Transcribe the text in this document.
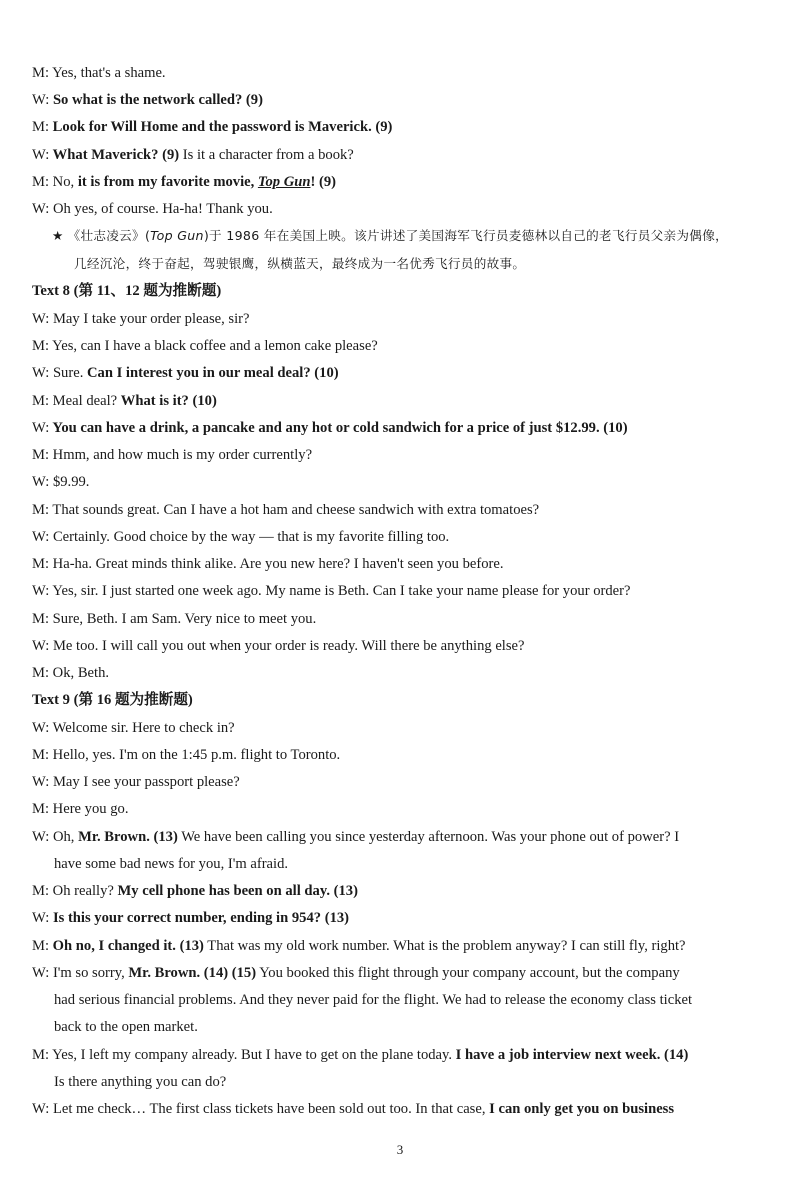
M: Yes, that's a shame.
W: So what is the network called? (9)
M: Look for Will Home and the password is Maverick. (9)
W: What Maverick? (9) Is it a character from a book?
M: No, it is from my favorite movie, Top Gun! (9)
W: Oh yes, of course. Ha-ha! Thank you.
★ 《壮志凌云》(Top Gun)于 1986 年在美国上映。该片讲述了美国海军飞行员麦德林以自己的老飞行员父亲为偶像，
几经沉沦，终于奋起，驾驶银鹰，纵横蓝天，最终成为一名优秀飞行员的故事。
Text 8 (第 11、12 题为推断题)
W: May I take your order please, sir?
M: Yes, can I have a black coffee and a lemon cake please?
W: Sure. Can I interest you in our meal deal? (10)
M: Meal deal? What is it? (10)
W: You can have a drink, a pancake and any hot or cold sandwich for a price of just $12.99. (10)
M: Hmm, and how much is my order currently?
W: $9.99.
M: That sounds great. Can I have a hot ham and cheese sandwich with extra tomatoes?
W: Certainly. Good choice by the way — that is my favorite filling too.
M: Ha-ha. Great minds think alike. Are you new here? I haven't seen you before.
W: Yes, sir. I just started one week ago. My name is Beth. Can I take your name please for your order?
M: Sure, Beth. I am Sam. Very nice to meet you.
W: Me too. I will call you out when your order is ready. Will there be anything else?
M: Ok, Beth.
Text 9 (第 16 题为推断题)
W: Welcome sir. Here to check in?
M: Hello, yes. I'm on the 1:45 p.m. flight to Toronto.
W: May I see your passport please?
M: Here you go.
W: Oh, Mr. Brown. (13) We have been calling you since yesterday afternoon. Was your phone out of power? I
have some bad news for you, I'm afraid.
M: Oh really? My cell phone has been on all day. (13)
W: Is this your correct number, ending in 954? (13)
M: Oh no, I changed it. (13) That was my old work number. What is the problem anyway? I can still fly, right?
W: I'm so sorry, Mr. Brown. (14) (15) You booked this flight through your company account, but the company
had serious financial problems. And they never paid for the flight. We had to release the economy class ticket
back to the open market.
M: Yes, I left my company already. But I have to get on the plane today. I have a job interview next week. (14)
Is there anything you can do?
W: Let me check… The first class tickets have been sold out too. In that case, I can only get you on business
3
